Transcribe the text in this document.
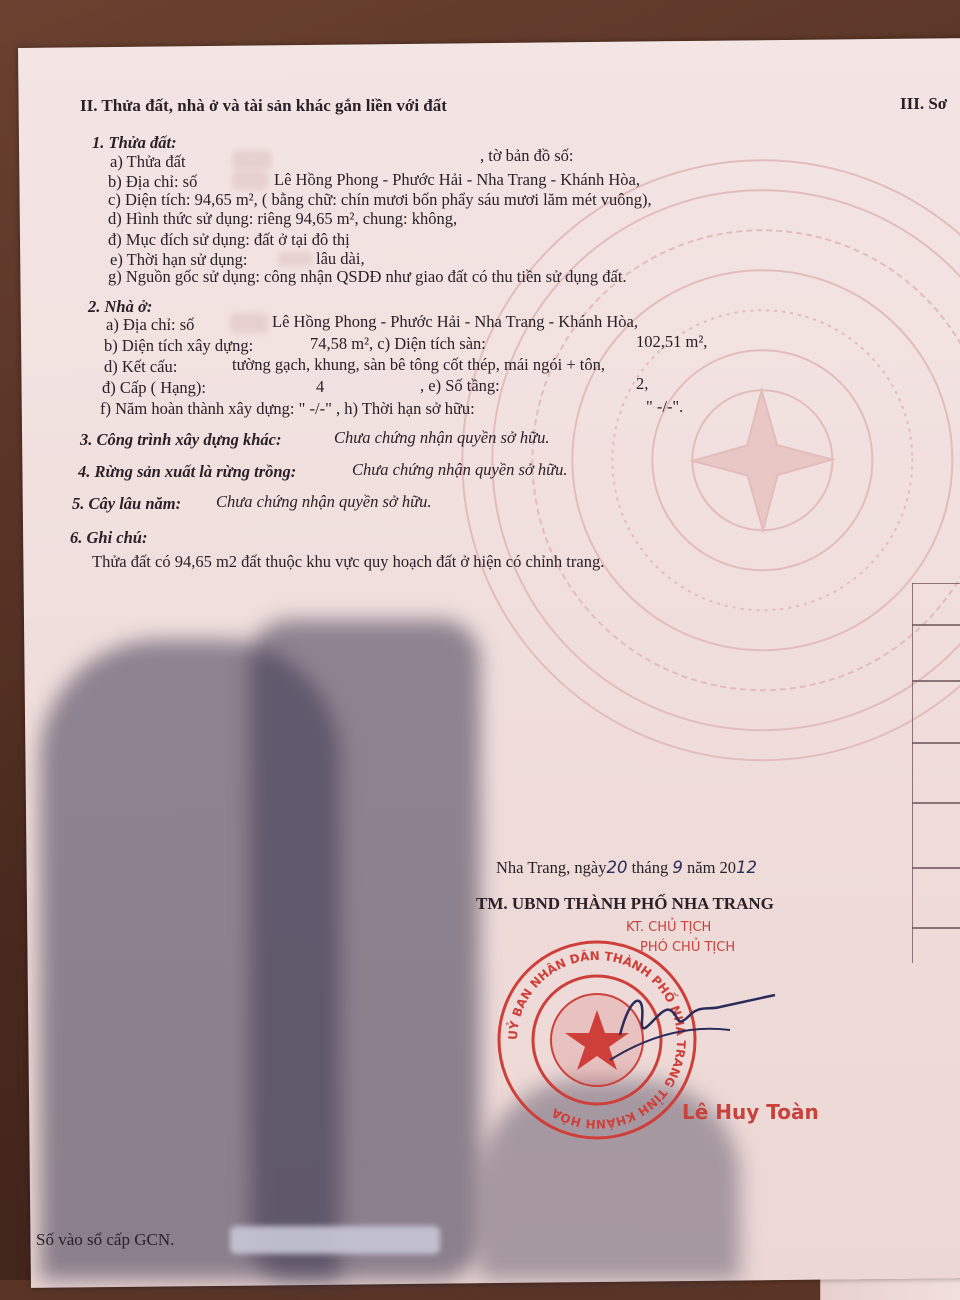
II. Thửa đất, nhà ở và tài sản khác gắn liền với đất	III. Sơ
1. Thửa đất:
a) Thửa đất	, tờ bản đồ số:
b) Địa chỉ: số	Lê Hồng Phong - Phước Hải - Nha Trang - Khánh Hòa,
c) Diện tích: 94,65 m², ( bằng chữ: chín mươi bốn phẩy sáu mươi lăm mét vuông),
d) Hình thức sử dụng: riêng 94,65 m², chung: không,
đ) Mục đích sử dụng: đất ở tại đô thị
e) Thời hạn sử dụng:	lâu dài,
g) Nguồn gốc sử dụng: công nhận QSDĐ như giao đất có thu tiền sử dụng đất.
2. Nhà ở:
a) Địa chỉ: số	Lê Hồng Phong - Phước Hải - Nha Trang - Khánh Hòa,
b) Diện tích xây dựng:	74,58 m², c) Diện tích sàn:	102,51 m²,
d) Kết cấu:	tường gạch, khung, sàn bê tông cốt thép, mái ngói + tôn,
đ) Cấp ( Hạng):	4	, e) Số tầng:	2,
f) Năm hoàn thành xây dựng: " -/-" , h) Thời hạn sở hữu:	" -/-".
3. Công trình xây dựng khác:	Chưa chứng nhận quyền sở hữu.
4. Rừng sản xuất là rừng trồng:	Chưa chứng nhận quyền sở hữu.
5. Cây lâu năm: Chưa chứng nhận quyền sở hữu.
6. Ghi chú:
Thửa đất có 94,65 m2 đất thuộc khu vực quy hoạch đất ở hiện có chỉnh trang.
Nha Trang, ngày20 tháng 9 năm 2012
TM. UBND THÀNH PHỐ NHA TRANG
KT. CHỦ TỊCH
PHÓ CHỦ TỊCH
UỶ BAN NHÂN DÂN THÀNH PHỐ NHA TRANG TỈNH KHÁNH HÒA	Lê Huy Toàn
Số vào sổ cấp GCN.
